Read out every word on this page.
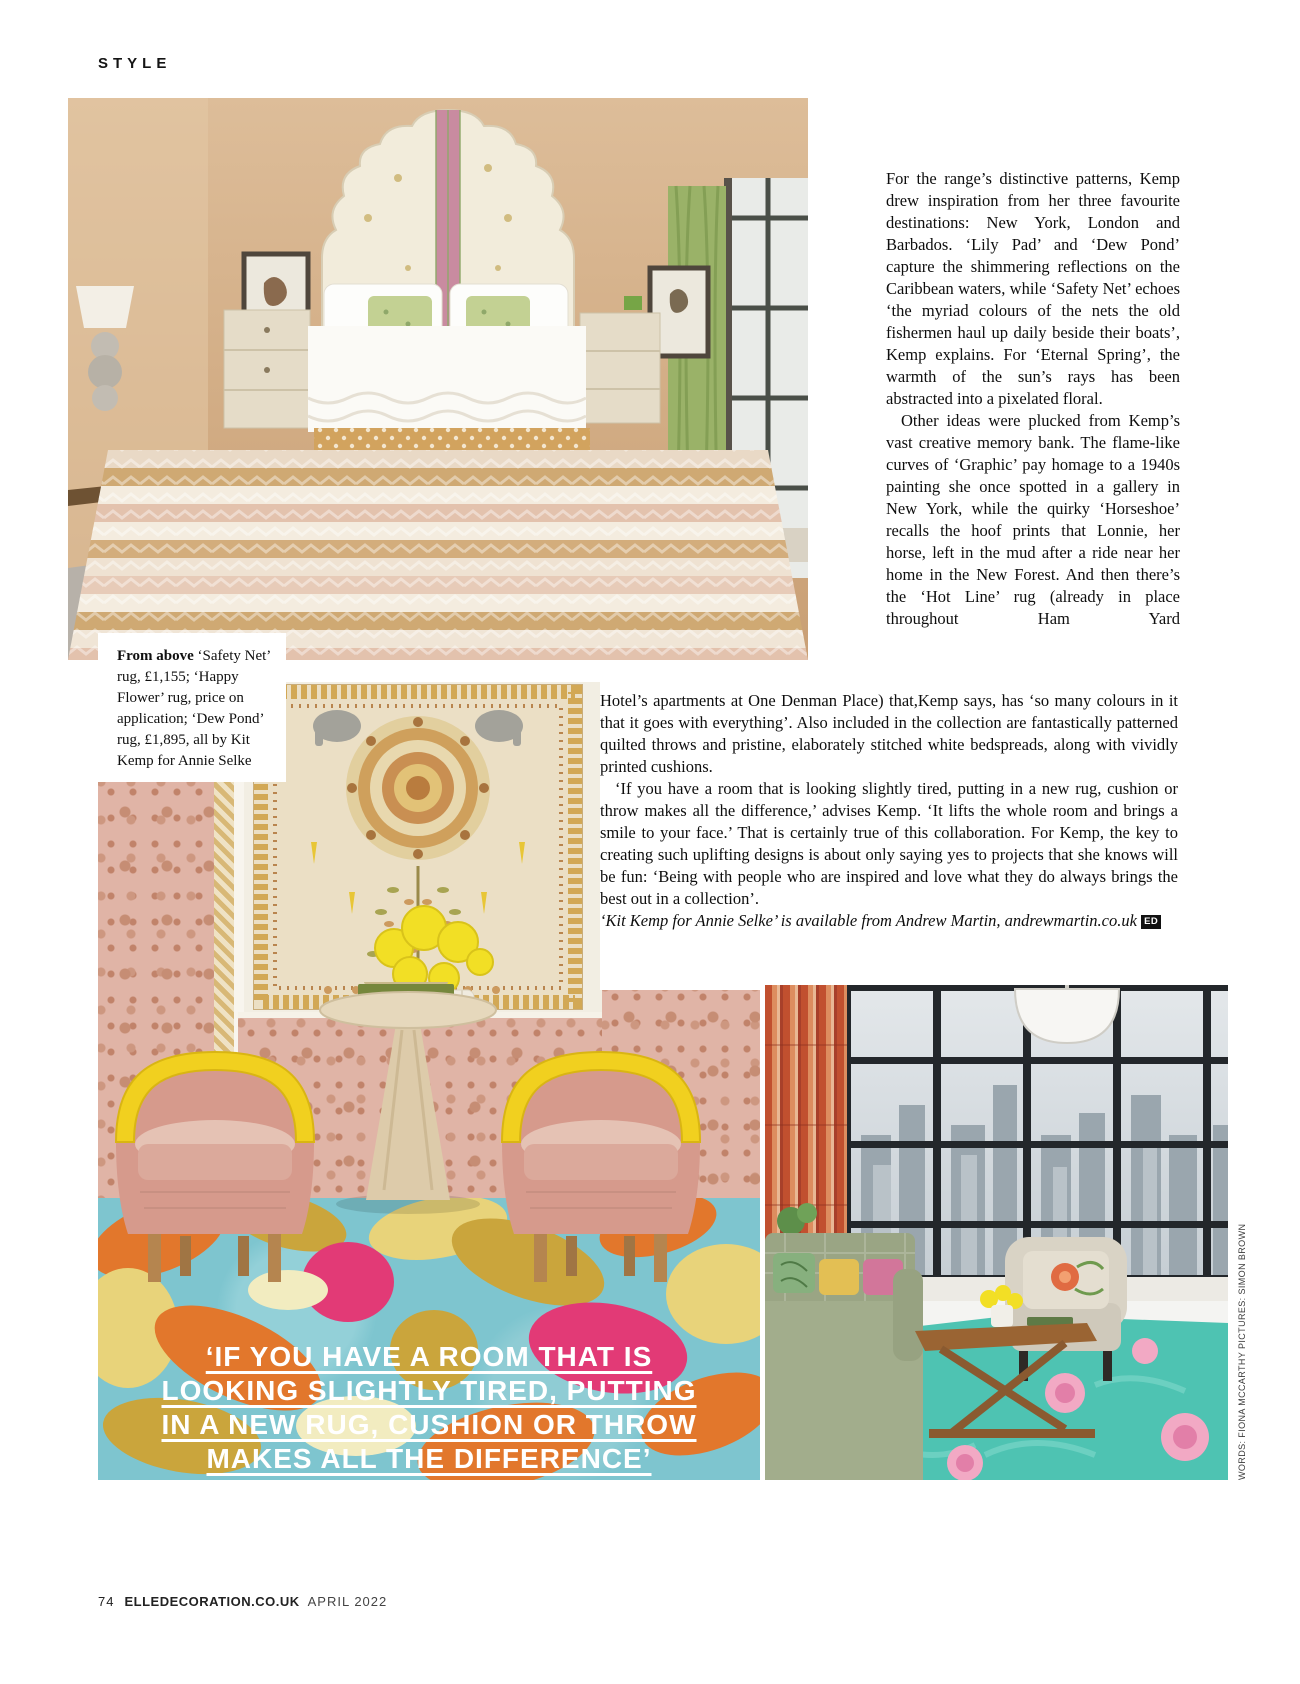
STYLE
‘IF YOU HAVE A ROOM THAT IS
LOOKING SLIGHTLY TIRED, PUTTING
IN A NEW RUG, CUSHION OR THROW
MAKES ALL THE DIFFERENCE’
From above ‘Safety Net’ rug, £1,155; ‘Happy Flower’ rug, price on application; ‘Dew Pond’ rug, £1,895, all by Kit Kemp for Annie Selke

For the range’s distinctive patterns, Kemp drew inspiration from her three favourite destinations: New York, London and Barbados. ‘Lily Pad’ and ‘Dew Pond’ capture the shimmering reflections on the Caribbean waters, while ‘Safety Net’ echoes ‘the myriad colours of the nets the old fishermen haul up daily beside their boats’, Kemp explains. For ‘Eternal Spring’, the warmth of the sun’s rays has been abstracted into a pixelated floral.

Other ideas were plucked from Kemp’s vast creative memory bank. The flame-like curves of ‘Graphic’ pay homage to a 1940s painting she once spotted in a gallery in New York, while the quirky ‘Horseshoe’ recalls the hoof prints that Lonnie, her horse, left in the mud after a ride near her home in the New Forest. And then there’s the ‘Hot Line’ rug (already in place throughout Ham Yard

Hotel’s apartments at One Denman Place) that,Kemp says, has ‘so many colours in it that it goes with everything’. Also included in the collection are fantastically patterned quilted throws and pristine, elaborately stitched white bedspreads, along with vividly printed cushions.

‘If you have a room that is looking slightly tired, putting in a new rug, cushion or throw makes all the difference,’ advises Kemp. ‘It lifts the whole room and brings a smile to your face.’ That is certainly true of this collaboration. For Kemp, the key to creating such uplifting designs is about only saying yes to projects that she knows will be fun: ‘Being with people who are inspired and love what they do always brings the best out in a collection’.

‘Kit Kemp for Annie Selke’ is available from Andrew Martin, andrewmartin.co.uk ED

WORDS: FIONA MCCARTHY PICTURES: SIMON BROWN
74 ELLEDECORATION.CO.UK APRIL 2022
